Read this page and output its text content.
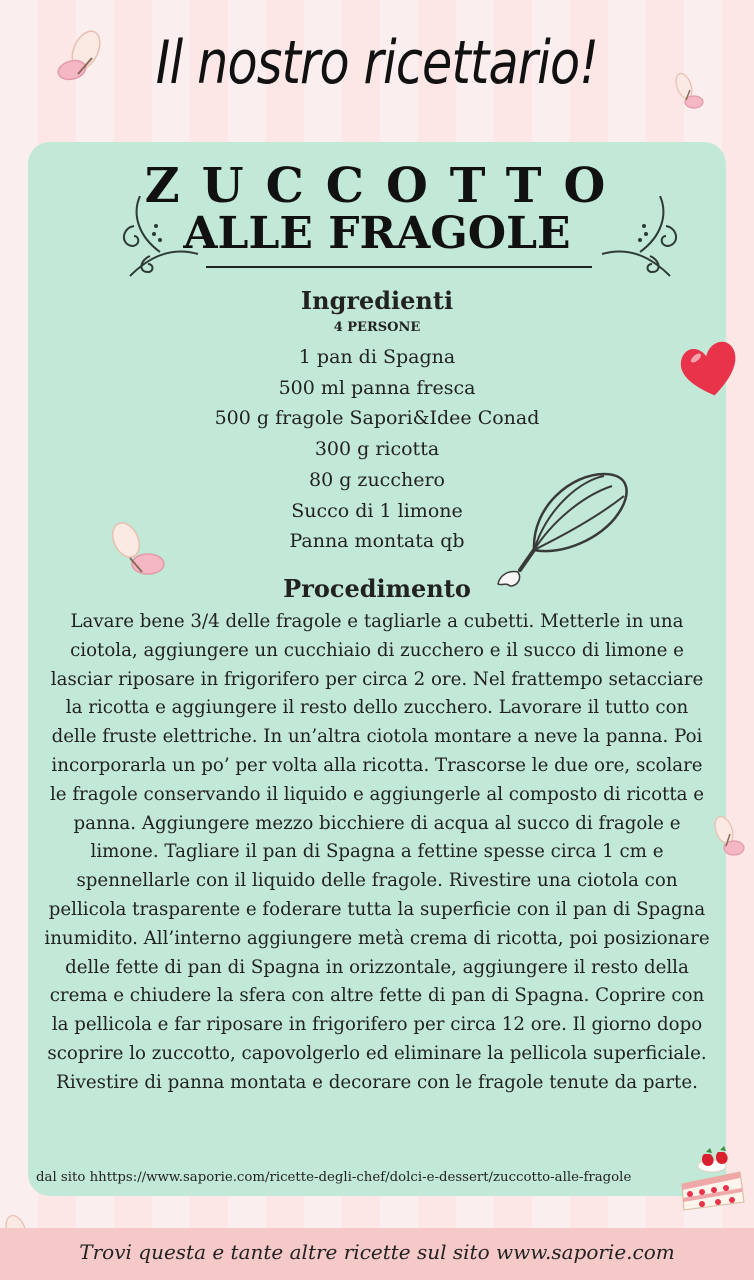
Il nostro ricettario!
ZUCCOTTO
ALLE FRAGOLE
Ingredienti
4 PERSONE
1 pan di Spagna
500 ml panna fresca
500 g fragole Sapori&Idee Conad
300 g ricotta
80 g zucchero
Succo di 1 limone
Panna montata qb
Procedimento

Lavare bene 3/4 delle fragole e tagliarle a cubetti. Metterle in una ciotola, aggiungere un cucchiaio di zucchero e il succo di limone e lasciar riposare in frigorifero per circa 2 ore. Nel frattempo setacciare la ricotta e aggiungere il resto dello zucchero. Lavorare il tutto con delle fruste elettriche. In un’altra ciotola montare a neve la panna. Poi incorporarla un po’ per volta alla ricotta. Trascorse le due ore, scolare le fragole conservando il liquido e aggiungerle al composto di ricotta e panna. Aggiungere mezzo bicchiere di acqua al succo di fragole e limone. Tagliare il pan di Spagna a fettine spesse circa 1 cm e spennellarle con il liquido delle fragole. Rivestire una ciotola con pellicola trasparente e foderare tutta la superficie con il pan di Spagna inumidito. All’interno aggiungere metà crema di ricotta, poi posizionare delle fette di pan di Spagna in orizzontale, aggiungere il resto della crema e chiudere la sfera con altre fette di pan di Spagna. Coprire con la pellicola e far riposare in frigorifero per circa 12 ore. Il giorno dopo scoprire lo zuccotto, capovolgerlo ed eliminare la pellicola superficiale. Rivestire di panna montata e decorare con le fragole tenute da parte.

dal sito hhttps://www.saporie.com/ricette-degli-chef/dolci-e-dessert/zuccotto-alle-fragole
Trovi questa e tante altre ricette sul sito www.saporie.com
